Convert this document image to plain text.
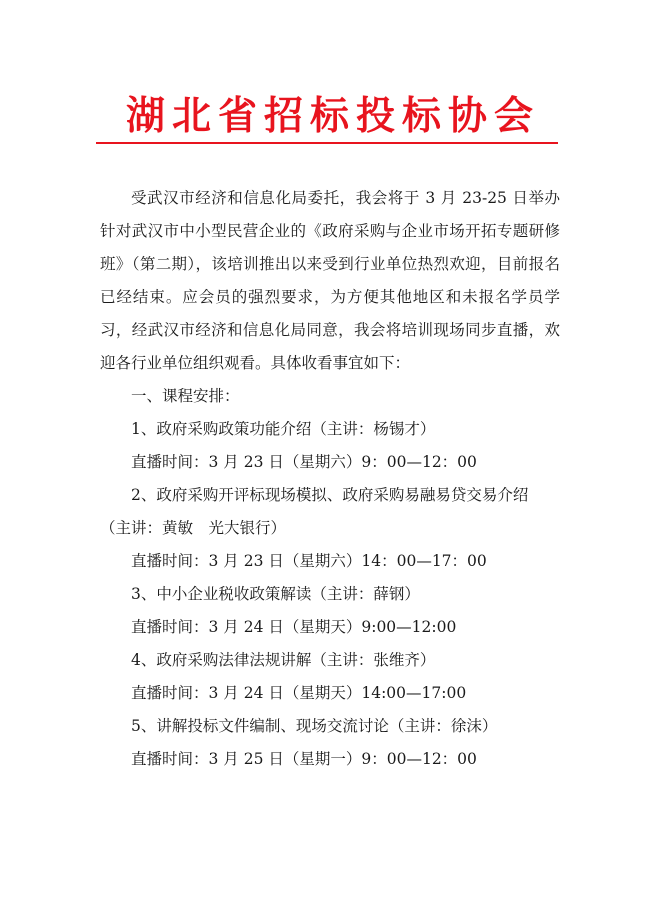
湖北省招标投标协会

受武汉市经济和信息化局委托，我会将于 3 月 23-25 日举办针对武汉市中小型民营企业的《政府采购与企业市场开拓专题研修班》（第二期），该培训推出以来受到行业单位热烈欢迎，目前报名已经结束。应会员的强烈要求，为方便其他地区和未报名学员学习，经武汉市经济和信息化局同意，我会将培训现场同步直播，欢迎各行业单位组织观看。具体收看事宜如下：

一、课程安排：

1、政府采购政策功能介绍（主讲：杨锡才）

直播时间：3 月 23 日（星期六）9：00—12：00

2、政府采购开评标现场模拟、政府采购易融易贷交易介绍

（主讲：黄敏　光大银行）

直播时间：3 月 23 日（星期六）14：00—17：00

3、中小企业税收政策解读（主讲：薛钢）

直播时间：3 月 24 日（星期天）9:00—12:00

4、政府采购法律法规讲解（主讲：张维齐）

直播时间：3 月 24 日（星期天）14:00—17:00

5、讲解投标文件编制、现场交流讨论（主讲：徐沫）

直播时间：3 月 25 日（星期一）9：00—12：00
